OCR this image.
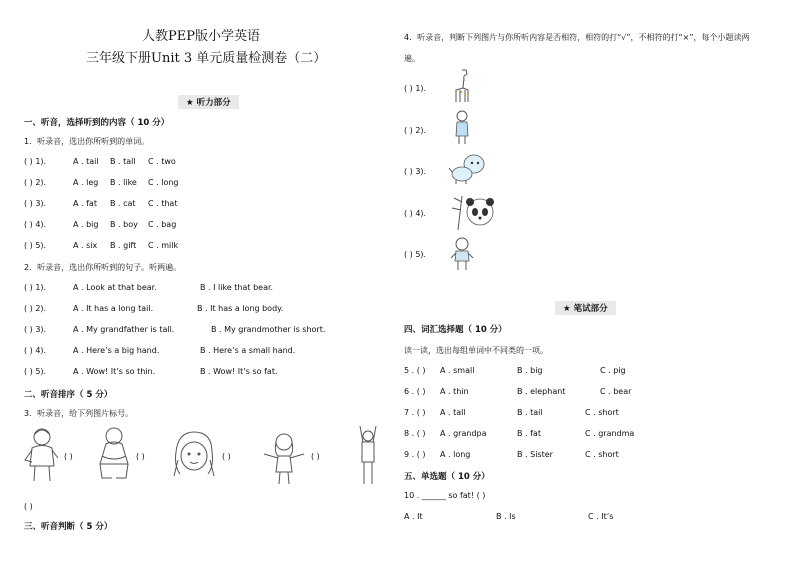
人教PEP版小学英语
三年级下册Unit 3 单元质量检测卷（二）
★ 听力部分
一、听音，选择听到的内容（ 10 分）
1．听录音，选出你所听到的单词。
( ) 1).	A . tail B . tall C . two
( ) 2).	A . leg B . like C . long
( ) 3).	A . fat B . cat C . that
( ) 4).	A . big B . boy C . bag
( ) 5).	A . six B . gift C . milk
2．听录音，选出你所听到的句子。听两遍。
( ) 1).	A . Look at that bear.	B . I like that bear.
( ) 2).	A . It has a long tail.	B . It has a long body.
( ) 3).	A . My grandfather is tall.	B . My grandmother is short.
( ) 4).	A . Here’s a big hand.	B . Here’s a small hand.
( ) 5).	A . Wow! It’s so thin.	B . Wow! It’s so fat.
二、听音排序（ 5 分）
3．听录音，给下列图片标号。
( )	( )	( )	( )
( )
三、听音判断（ 5 分）
4．听录音，判断下列图片与你所听内容是否相符，相符的打“√”，不相符的打“×”，每个小题读两
遍。
( ) 1).
( ) 2).
( ) 3).
( ) 4).
( ) 5).
★ 笔试部分
四、词汇选择题（ 10 分）
读一读，选出每组单词中不同类的一项。
5 . ( ) A . small	B . big	C . pig
6 . ( ) A . thin	B . elephant	C . bear
7 . ( ) A . tall	B . tail	C . short
8 . ( ) A . grandpa	B . fat	C . grandma
9 . ( ) A . long	B . Sister	C . short
五、单选题（ 10 分）
10 . ______ so fat! ( )
A . It	B . Is	C . It’s
